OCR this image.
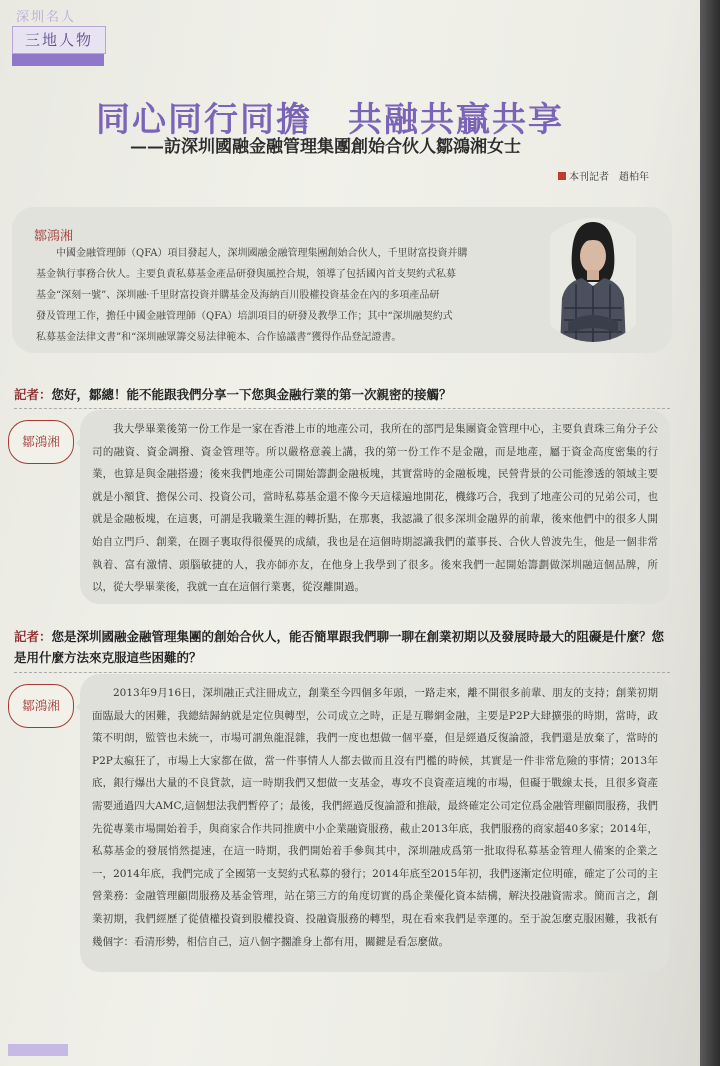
深圳名人
三地人物
同心同行同擔　共融共贏共享
——訪深圳國融金融管理集團創始合伙人鄒鴻湘女士
本刊記者　趙柏年
鄒鴻湘
中國金融管理師（QFA）項目發起人，深圳國融金融管理集團創始合伙人，千里財富投資并購
基金執行事務合伙人。主要負責私募基金產品研發與風控合規，領導了包括國內首支契約式私募
基金“深刻一號”、深圳融·千里財富投資并購基金及海納百川股權投資基金在內的多項產品研
發及管理工作，擔任中國金融管理師（QFA）培訓項目的研發及教學工作；其中“深圳融契約式
私募基金法律文書”和“深圳融眾籌交易法律範本、合作協議書”獲得作品登記證書。
記者：您好，鄒總！能不能跟我們分享一下您與金融行業的第一次親密的接觸？
鄒鴻湘
我大學畢業後第一份工作是一家在香港上市的地產公司，我所在的部門是集團資金管理中心，主要負責珠三角分子公司的融資、資金調撥、資金管理等。所以嚴格意義上講，我的第一份工作不是金融，而是地產，屬于資金高度密集的行業，也算是與金融搭邊；後來我們地產公司開始籌劃金融板塊，其實當時的金融板塊，民營背景的公司能滲透的領域主要就是小額貸、擔保公司、投資公司，當時私募基金還不像今天這樣遍地開花，機緣巧合，我到了地產公司的兄弟公司，也就是金融板塊，在這裏，可謂是我職業生涯的轉折點，在那裏，我認識了很多深圳金融界的前輩，後來他們中的很多人開始自立門戶、創業，在圈子裏取得很優異的成績，我也是在這個時期認識我們的董事長、合伙人曾波先生，他是一個非常執着、富有激情、頭腦敏捷的人，我亦師亦友，在他身上我學到了很多。後來我們一起開始籌劃做深圳融這個品牌，所以，從大學畢業後，我就一直在這個行業裏，從沒離開過。
記者：您是深圳國融金融管理集團的創始合伙人，能否簡單跟我們聊一聊在創業初期以及發展時最大的阻礙是什麼？您是用什麼方法來克服這些困難的？
鄒鴻湘
2013年9月16日，深圳融正式注冊成立，創業至今四個多年頭，一路走來，離不開很多前輩、朋友的支持；創業初期面臨最大的困難，我總結歸納就是定位與轉型，公司成立之時，正是互聯網金融，主要是P2P大肆擴張的時期，當時，政策不明朗，監管也未統一，市場可謂魚龍混雜，我們一度也想做一個平臺，但是經過反復論證，我們還是放棄了，當時的P2P太瘋狂了，市場上大家都在做，當一件事情人人都去做而且沒有門檻的時候，其實是一件非常危險的事情；2013年底，銀行爆出大量的不良貸款，這一時期我們又想做一支基金，專攻不良資產這塊的市場，但礙于戰線太長，且很多資產需要通過四大AMC,這個想法我們暫停了；最後，我們經過反復論證和推敲，最終確定公司定位爲金融管理顧問服務，我們先從專業市場開始着手，與商家合作共同推廣中小企業融資服務，截止2013年底，我們服務的商家超40多家；2014年，私募基金的發展悄然提速，在這一時期，我們開始着手參與其中，深圳融成爲第一批取得私募基金管理人備案的企業之一，2014年底，我們完成了全國第一支契約式私募的發行；2014年底至2015年初，我們逐漸定位明確，確定了公司的主營業務：金融管理顧問服務及基金管理，站在第三方的角度切實的爲企業優化資本結構，解決投融資需求。簡而言之，創業初期，我們經歷了從債權投資到股權投資、投融資服務的轉型，現在看來我們是幸運的。至于說怎麼克服困難，我祇有幾個字：看清形勢，相信自己，這八個字擱誰身上都有用，關鍵是看怎麼做。
